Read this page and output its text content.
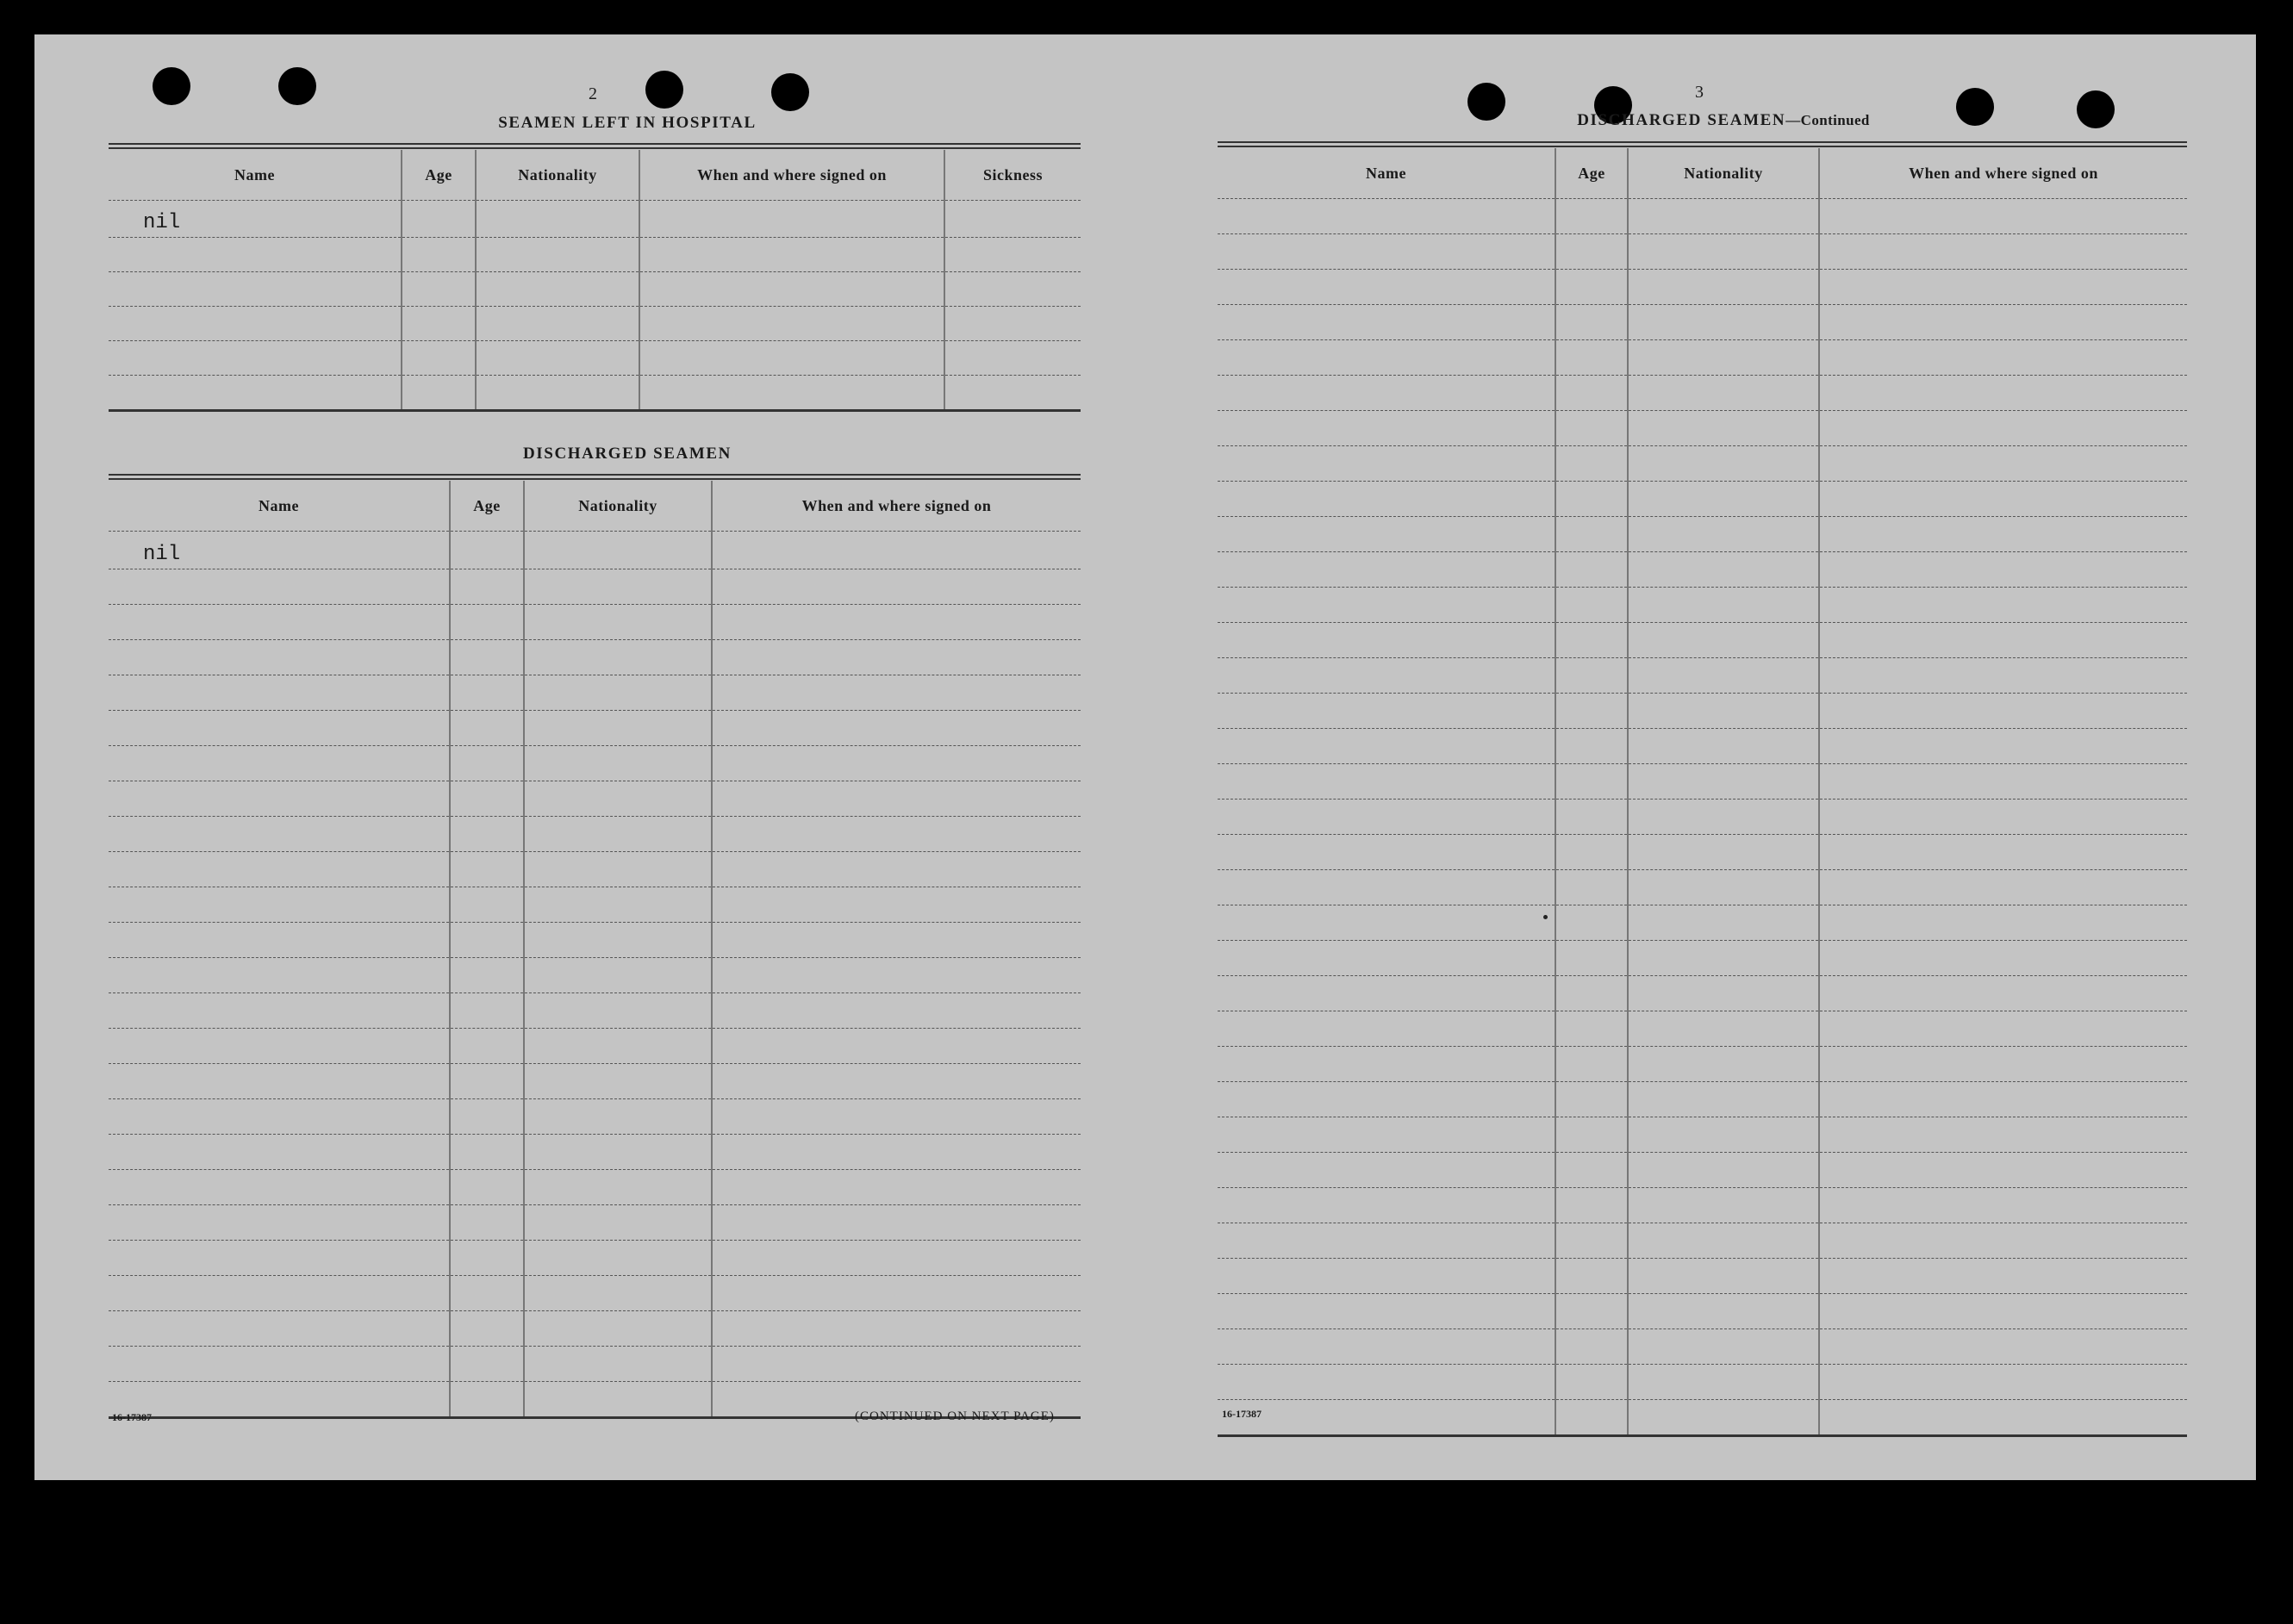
2
SEAMEN LEFT IN HOSPITAL
Name	Age	Nationality	When and where signed on	Sickness
nil				

DISCHARGED SEAMEN
Name	Age	Nationality	When and where signed on
nil			

16-17387	(CONTINUED ON NEXT PAGE)
3
DISCHARGED SEAMEN—Continued
Name	Age	Nationality	When and where signed on

16-17387
